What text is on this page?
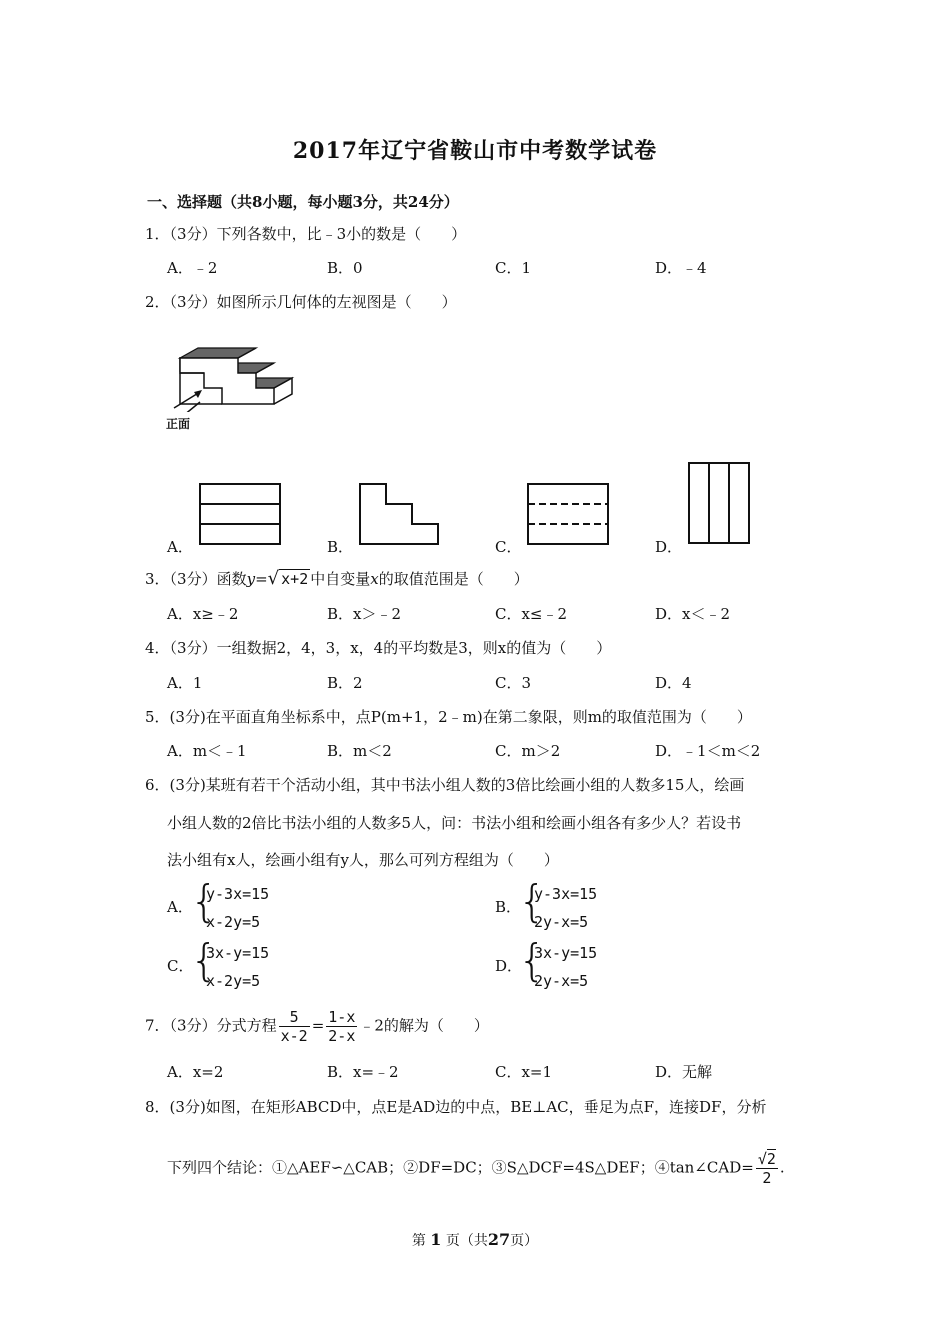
2017年辽宁省鞍山市中考数学试卷
一、选择题（共8小题，每小题3分，共24分）
1．（3分）下列各数中，比﹣3小的数是（　　）
A．﹣2	B．0	C．1	D．﹣4
2．（3分）如图所示几何体的左视图是（　　）
正面
A．	B．	C．	D．
3．（3分）函数y=√ x+2 中自变量x的取值范围是（　　）
A．x≥﹣2	B．x＞﹣2	C．x≤﹣2	D．x＜﹣2
4．（3分）一组数据2，4，3，x，4的平均数是3，则x的值为（　　）
A．1	B．2	C．3	D．4
5．(3分)在平面直角坐标系中，点P(m+1，2﹣m)在第二象限，则m的取值范围为（　　）
A．m＜﹣1	B．m＜2	C．m＞2	D．﹣1＜m＜2
6．(3分)某班有若干个活动小组，其中书法小组人数的3倍比绘画小组的人数多15人，绘画
小组人数的2倍比书法小组的人数多5人，问：书法小组和绘画小组各有多少人？若设书
法小组有x人，绘画小组有y人，那么可列方程组为（　　）
A．
{
y-3x=15
x-2y=5
B．
{
y-3x=15
2y-x=5
C．
{
3x-y=15
x-2y=5
D．
{
3x-y=15
2y-x=5
7．（3分）分式方程 $\frac{5}{x-2} = \frac{1-x}{2-x}$ ﹣2的解为（　　）
A．x=2	B．x=﹣2	C．x=1	D．无解
8．(3分)如图，在矩形ABCD中，点E是AD边的中点，BE⊥AC，垂足为点F，连接DF，分析
下列四个结论：①△AEF∽△CAB；②DF=DC；③S△DCF=4S△DEF；④tan∠CAD= $\frac{√2}{2}$ .
第 1 页（共27页）
